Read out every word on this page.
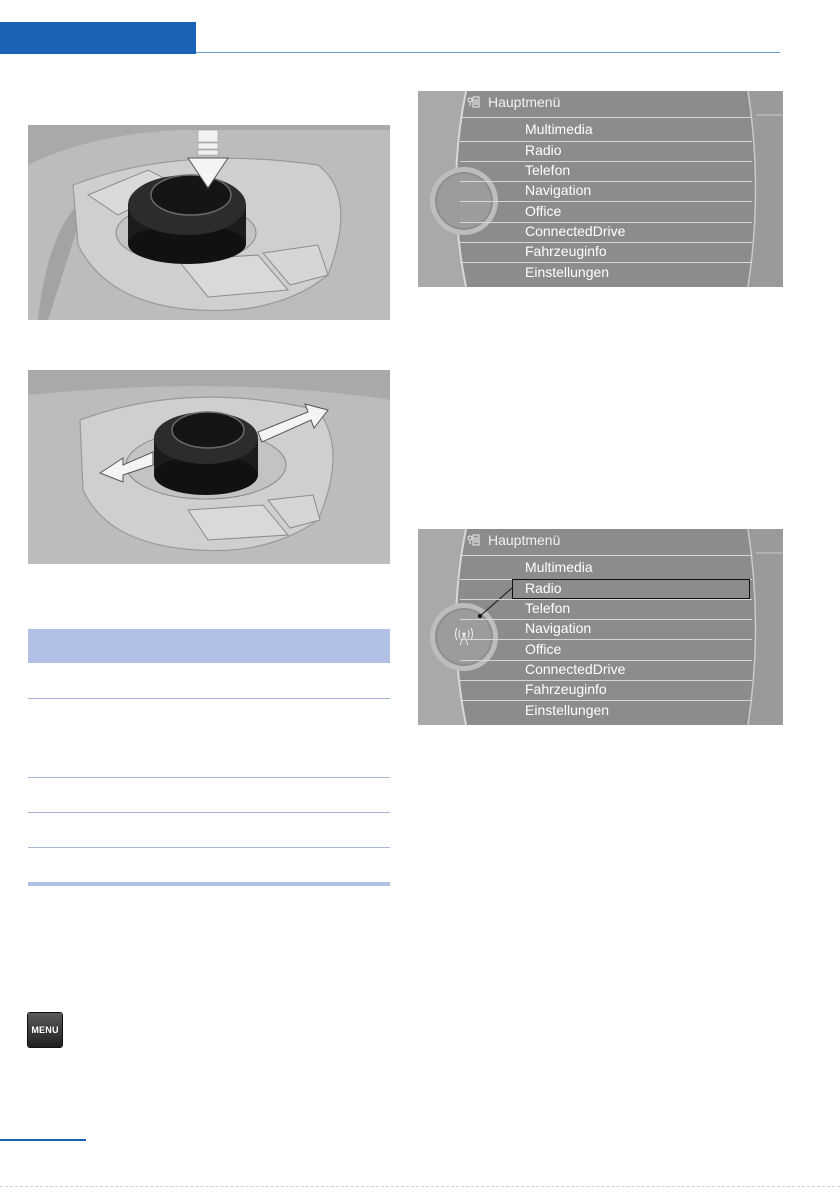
Hauptmenü
Multimedia
Radio
Telefon
Navigation
Office
ConnectedDrive
Fahrzeuginfo
Einstellungen
Hauptmenü
Multimedia
Radio
Telefon
Navigation
Office
ConnectedDrive
Fahrzeuginfo
Einstellungen
MENU
